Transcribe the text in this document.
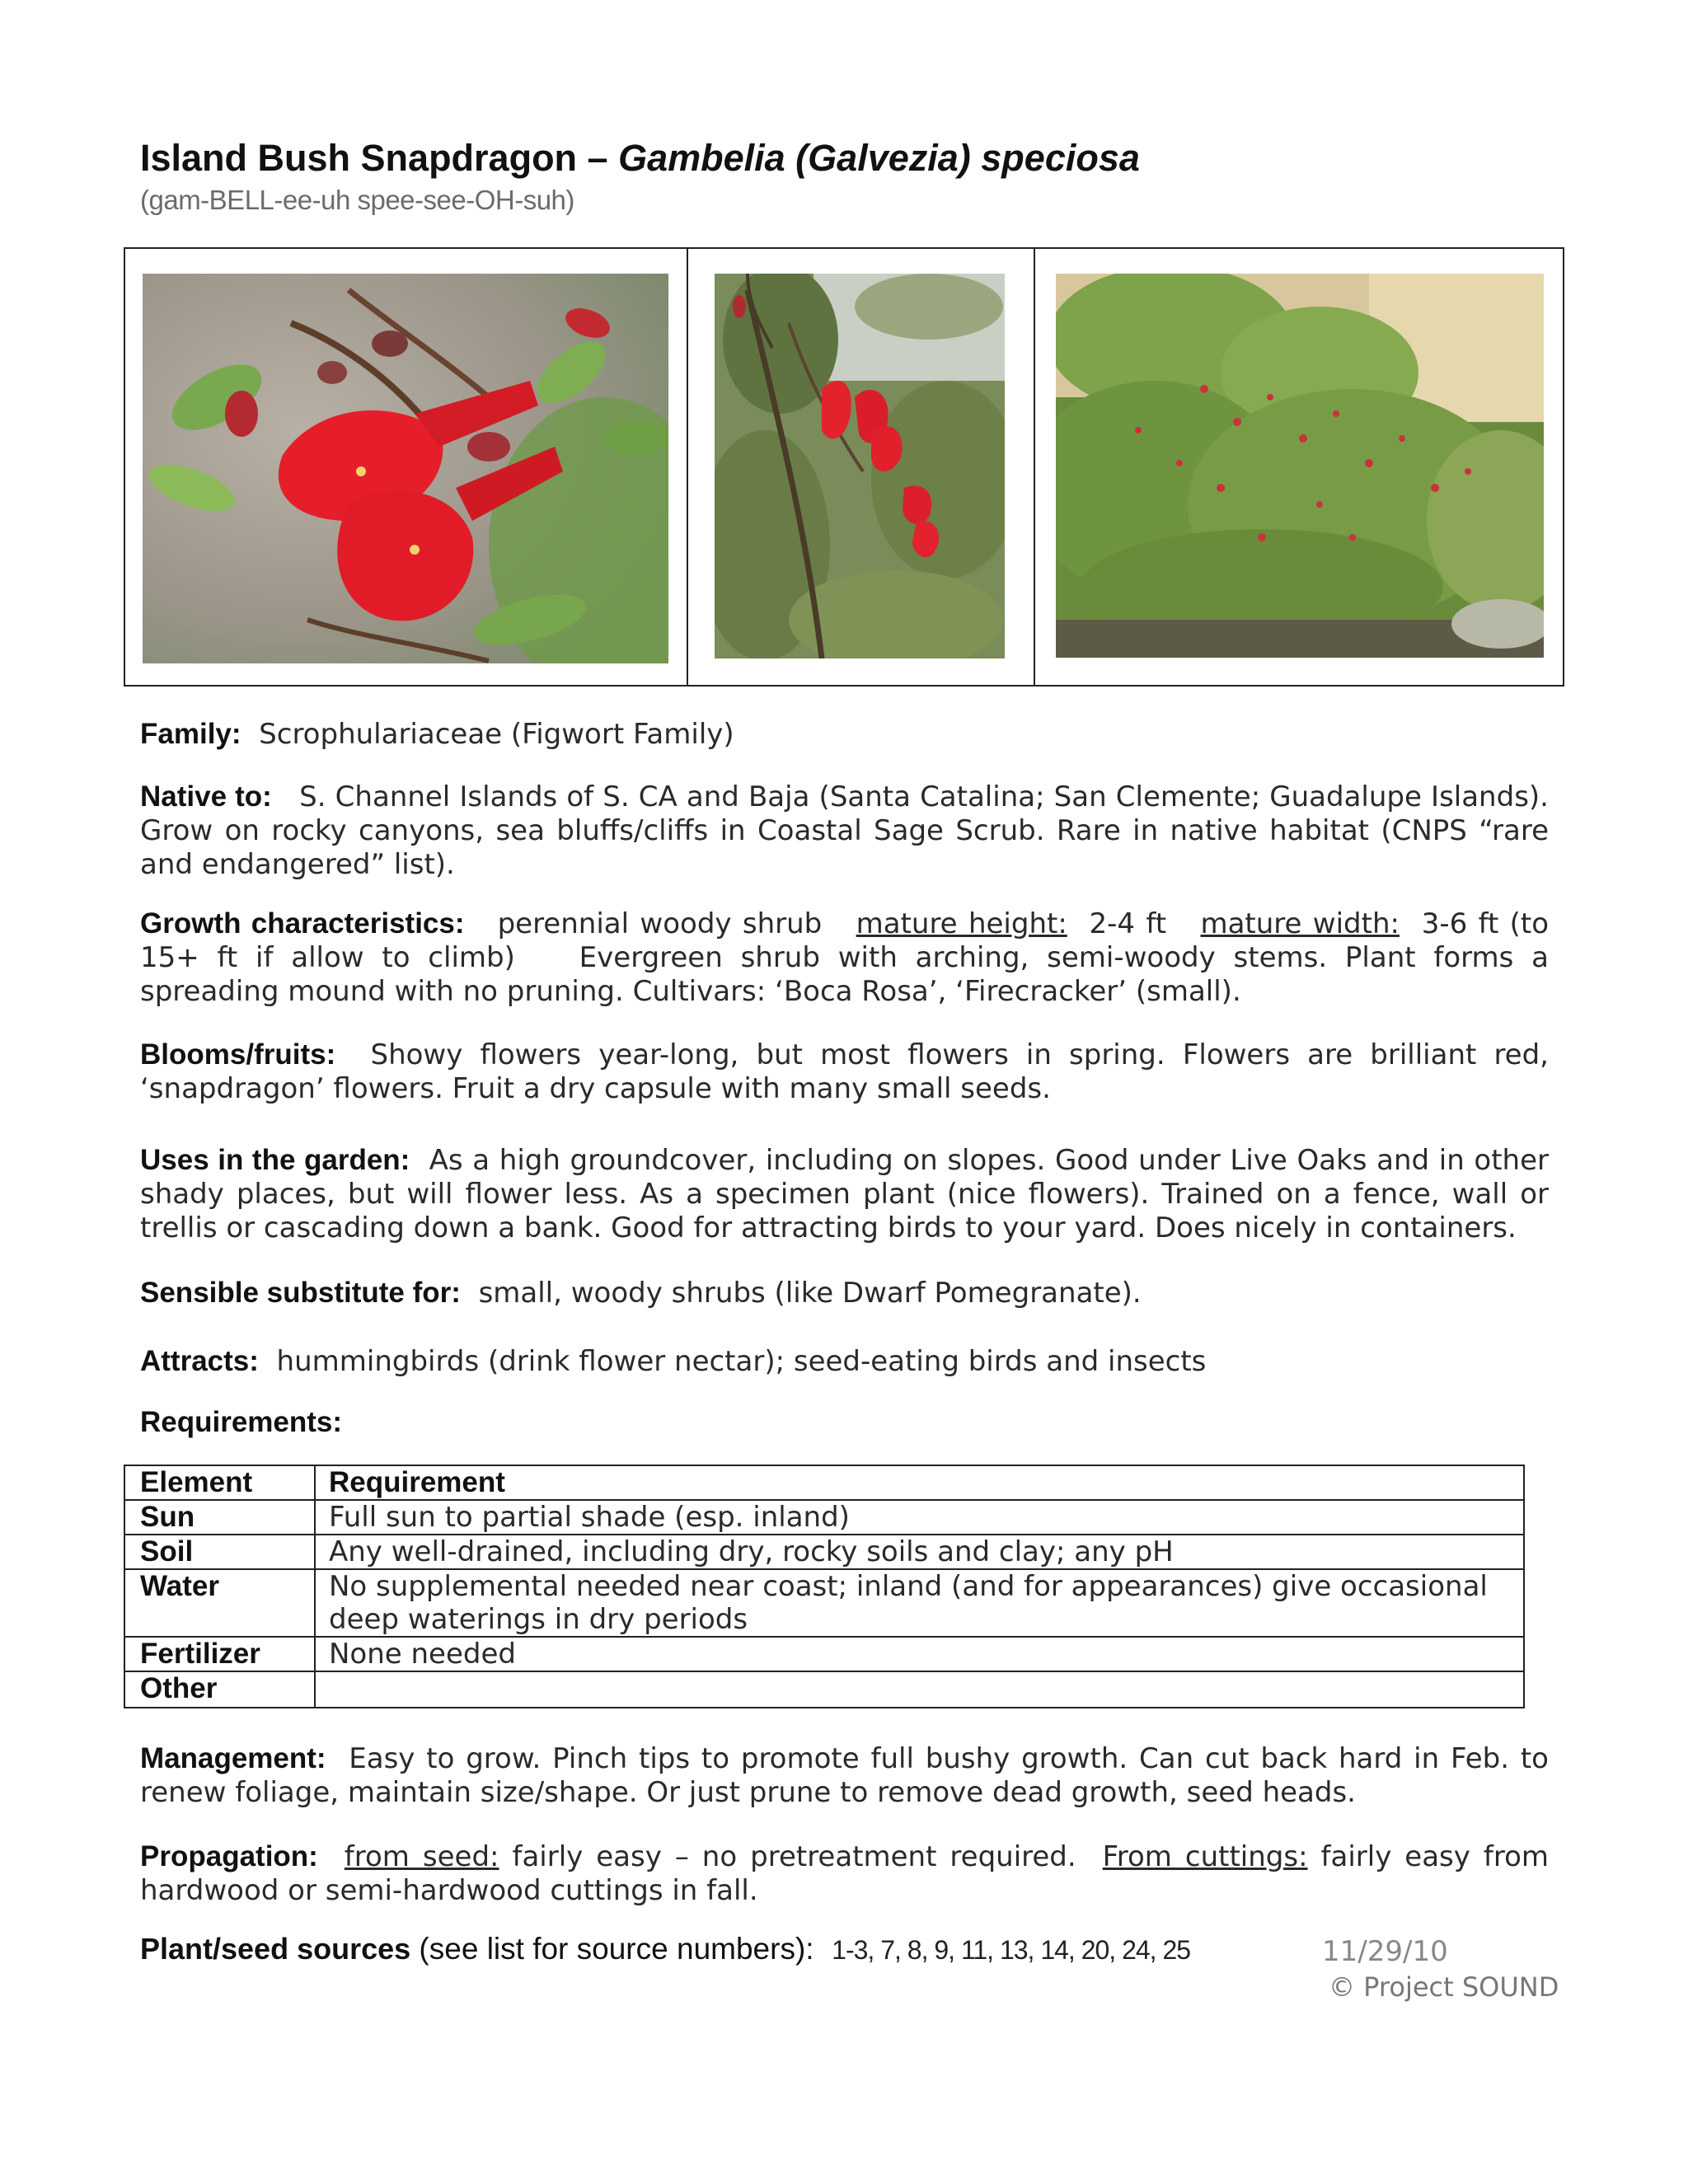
Island Bush Snapdragon – Gambelia (Galvezia) speciosa
(gam-BELL-ee-uh spee-see-OH-suh)
Family: Scrophulariaceae (Figwort Family)
Native to: S. Channel Islands of S. CA and Baja (Santa Catalina; San Clemente; Guadalupe Islands). Grow on rocky canyons, sea bluffs/cliffs in Coastal Sage Scrub. Rare in native habitat (CNPS “rare and endangered” list).
Growth characteristics: perennial woody shrub mature height: 2-4 ft mature width: 3-6 ft (to 15+ ft if allow to climb) Evergreen shrub with arching, semi-woody stems. Plant forms a spreading mound with no pruning. Cultivars: ‘Boca Rosa’, ‘Firecracker’ (small).
Blooms/fruits: Showy flowers year-long, but most flowers in spring. Flowers are brilliant red, ‘snapdragon’ flowers. Fruit a dry capsule with many small seeds.
Uses in the garden: As a high groundcover, including on slopes. Good under Live Oaks and in other shady places, but will flower less. As a specimen plant (nice flowers). Trained on a fence, wall or trellis or cascading down a bank. Good for attracting birds to your yard. Does nicely in containers.
Sensible substitute for: small, woody shrubs (like Dwarf Pomegranate).
Attracts: hummingbirds (drink flower nectar); seed-eating birds and insects
Requirements:
Element	Requirement
Sun	Full sun to partial shade (esp. inland)
Soil	Any well-drained, including dry, rocky soils and clay; any pH
Water	No supplemental needed near coast; inland (and for appearances) give occasional deep waterings in dry periods
Fertilizer	None needed
Other	
Management: Easy to grow. Pinch tips to promote full bushy growth. Can cut back hard in Feb. to renew foliage, maintain size/shape. Or just prune to remove dead growth, seed heads.
Propagation: from seed: fairly easy – no pretreatment required. From cuttings: fairly easy from hardwood or semi-hardwood cuttings in fall.
Plant/seed sources (see list for source numbers): 1-3, 7, 8, 9, 11, 13, 14, 20, 24, 25	11/29/10
© Project SOUND
